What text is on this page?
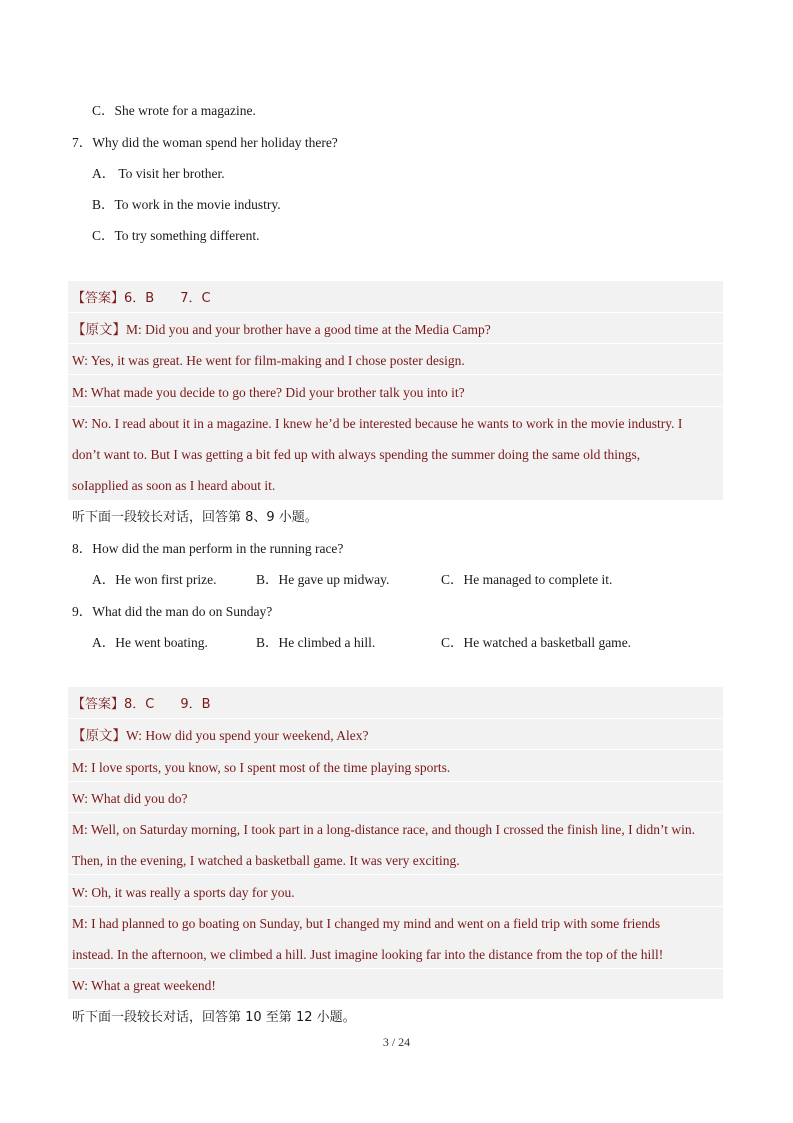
C．She wrote for a magazine.
7．Why did the woman spend her holiday there?
A． To visit her brother.
B．To work in the movie industry.
C．To try something different.
【答案】6．B　　7．C
【原文】M: Did you and your brother have a good time at the Media Camp?
W: Yes, it was great. He went for film-making and I chose poster design.
M: What made you decide to go there? Did your brother talk you into it?
W: No. I read about it in a magazine. I knew he’d be interested because he wants to work in the movie industry. I
don’t want to. But I was getting a bit fed up with always spending the summer doing the same old things,
soIapplied as soon as I heard about it.
听下面一段较长对话，回答第 8、9 小题。
8．How did the man perform in the running race?
A．He won first prize.	B．He gave up midway.	C．He managed to complete it.
9．What did the man do on Sunday?
A．He went boating.	B．He climbed a hill.	C．He watched a basketball game.
【答案】8．C　　9．B
【原文】W: How did you spend your weekend, Alex?
M: I love sports, you know, so I spent most of the time playing sports.
W: What did you do?
M: Well, on Saturday morning, I took part in a long-distance race, and though I crossed the finish line, I didn’t win.
Then, in the evening, I watched a basketball game. It was very exciting.
W: Oh, it was really a sports day for you.
M: I had planned to go boating on Sunday, but I changed my mind and went on a field trip with some friends
instead. In the afternoon, we climbed a hill. Just imagine looking far into the distance from the top of the hill!
W: What a great weekend!
听下面一段较长对话，回答第 10 至第 12 小题。
3 / 24
